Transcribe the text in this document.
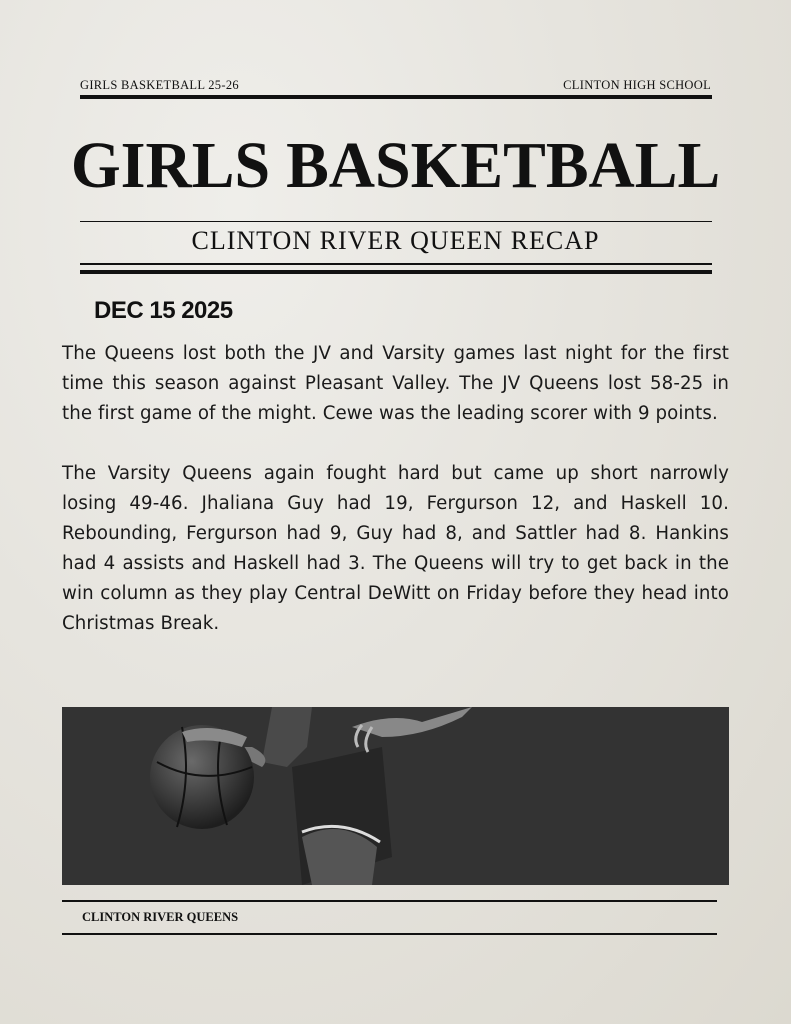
GIRLS BASKETBALL 25-26	CLINTON HIGH SCHOOL
GIRLS BASKETBALL
CLINTON RIVER QUEEN RECAP
DEC 15 2025

The Queens lost both the JV and Varsity games last night for the first time this season against Pleasant Valley. The JV Queens lost 58-25 in the first game of the might. Cewe was the leading scorer with 9 points.

The Varsity Queens again fought hard but came up short narrowly losing 49-46. Jhaliana Guy had 19, Fergurson 12, and Haskell 10. Rebounding, Fergurson had 9, Guy had 8, and Sattler had 8. Hankins had 4 assists and Haskell had 3. The Queens will try to get back in the win column as they play Central DeWitt on Friday before they head into Christmas Break.

CLINTON RIVER QUEENS
